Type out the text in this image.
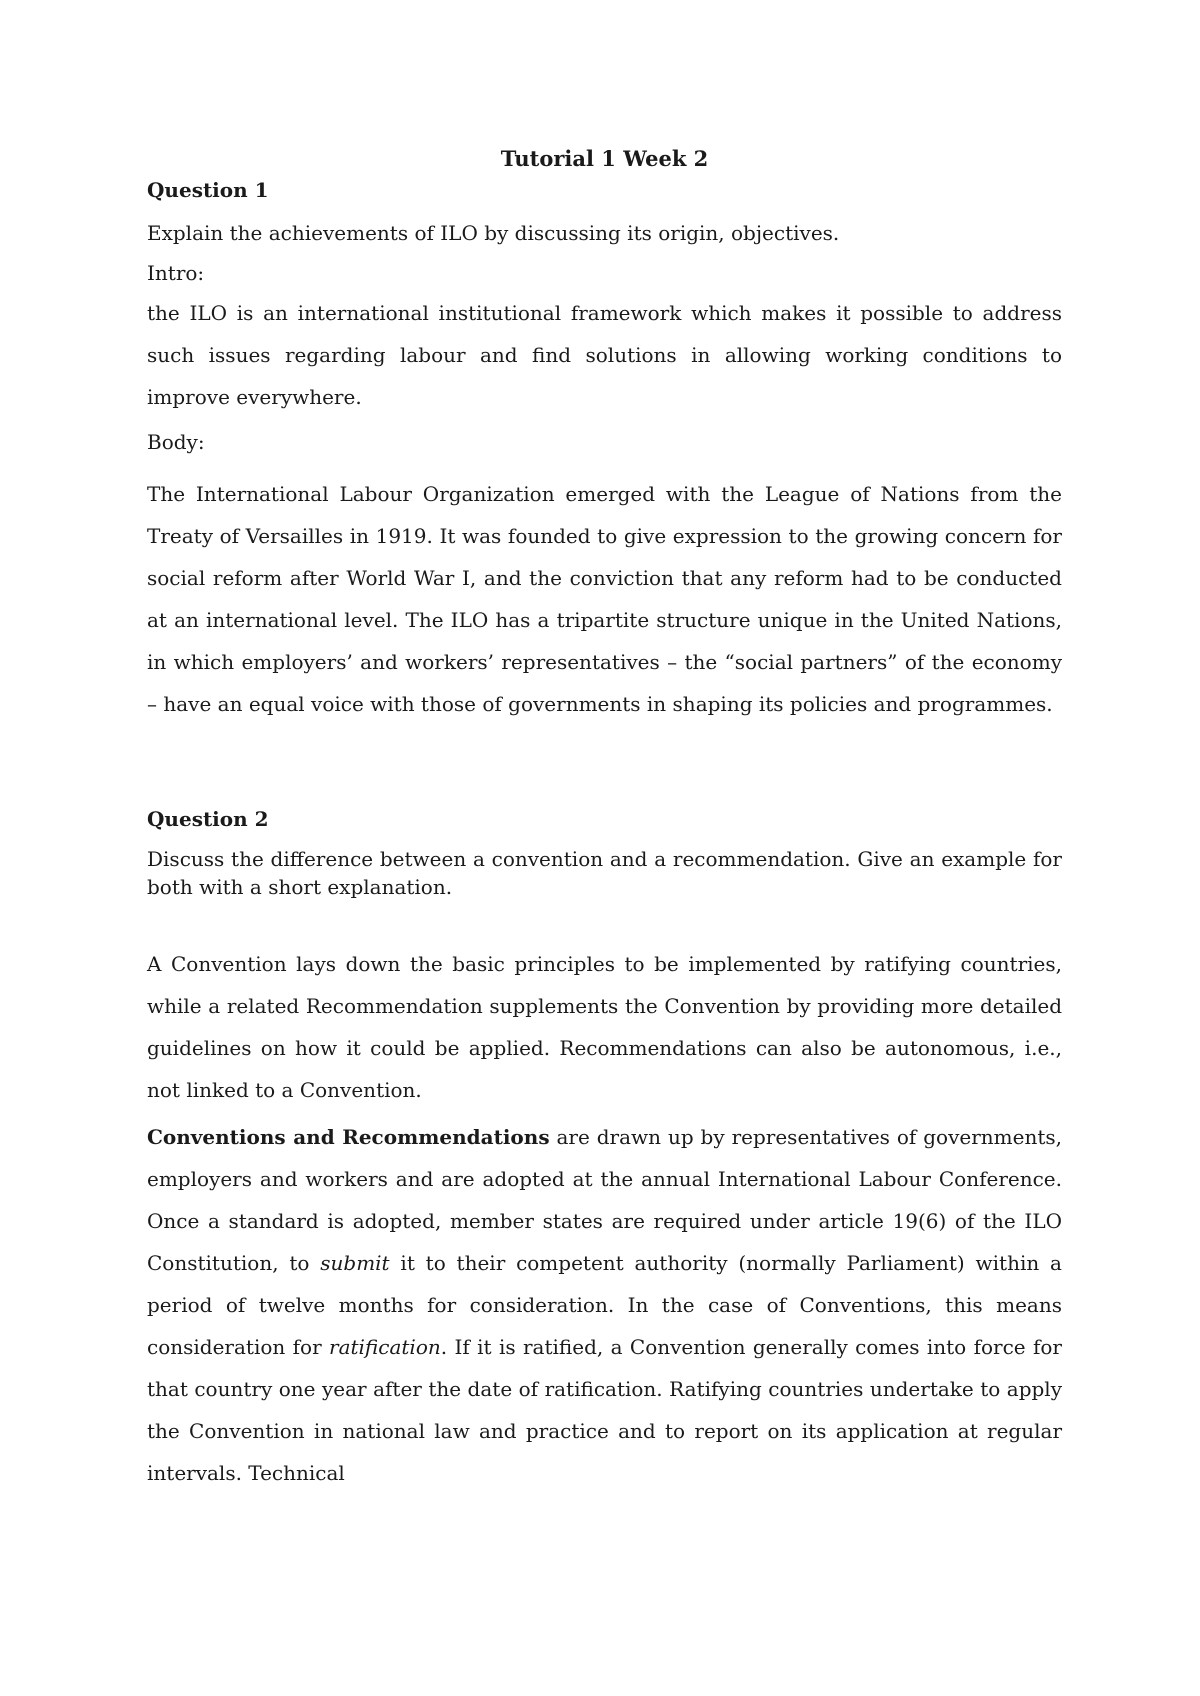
Tutorial 1 Week 2
Question 1
Explain the achievements of ILO by discussing its origin, objectives.
Intro:
the ILO is an international institutional framework which makes it possible to address such issues regarding labour and find solutions in allowing working conditions to improve everywhere.
Body:
The International Labour Organization emerged with the League of Nations from the Treaty of Versailles in 1919. It was founded to give expression to the growing concern for social reform after World War I, and the conviction that any reform had to be conducted at an international level. The ILO has a tripartite structure unique in the United Nations, in which employers’ and workers’ representatives – the “social partners” of the economy – have an equal voice with those of governments in shaping its policies and programmes.
Question 2
Discuss the difference between a convention and a recommendation. Give an example for both with a short explanation.
A Convention lays down the basic principles to be implemented by ratifying countries, while a related Recommendation supplements the Convention by providing more detailed guidelines on how it could be applied. Recommendations can also be autonomous, i.e., not linked to a Convention.
Conventions and Recommendations are drawn up by representatives of governments, employers and workers and are adopted at the annual International Labour Conference. Once a standard is adopted, member states are required under article 19(6) of the ILO Constitution, to submit it to their competent authority (normally Parliament) within a period of twelve months for consideration. In the case of Conventions, this means consideration for ratification. If it is ratified, a Convention generally comes into force for that country one year after the date of ratification. Ratifying countries undertake to apply the Convention in national law and practice and to report on its application at regular intervals. Technical
